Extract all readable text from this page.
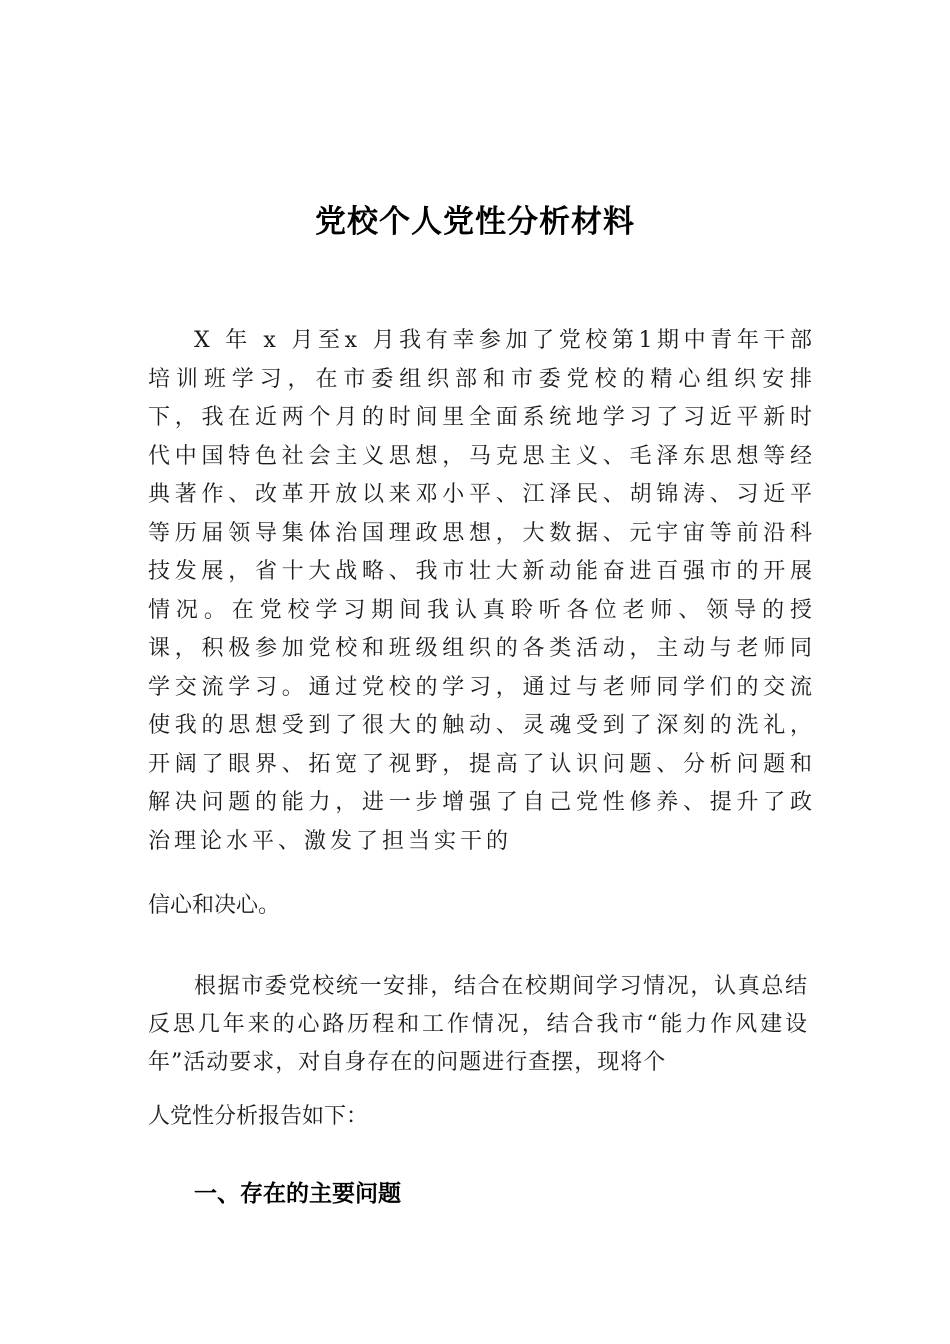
党校个人党性分析材料

X 年 x 月至x 月我有幸参加了党校第1期中青年干部培训班学习，在市委组织部和市委党校的精心组织安排下，我在近两个月的时间里全面系统地学习了习近平新时代中国特色社会主义思想，马克思主义、毛泽东思想等经典著作、改革开放以来邓小平、江泽民、胡锦涛、习近平等历届领导集体治国理政思想，大数据、元宇宙等前沿科技发展，省十大战略、我市壮大新动能奋进百强市的开展情况。在党校学习期间我认真聆听各位老师、领导的授课，积极参加党校和班级组织的各类活动，主动与老师同学交流学习。通过党校的学习，通过与老师同学们的交流使我的思想受到了很大的触动、灵魂受到了深刻的洗礼，开阔了眼界、拓宽了视野，提高了认识问题、分析问题和解决问题的能力，进一步增强了自己党性修养、提升了政治理论水平、激发了担当实干的

信心和决心。

根据市委党校统一安排，结合在校期间学习情况，认真总结反思几年来的心路历程和工作情况，结合我市“能力作风建设年”活动要求，对自身存在的问题进行查摆，现将个

人党性分析报告如下：

一、存在的主要问题
